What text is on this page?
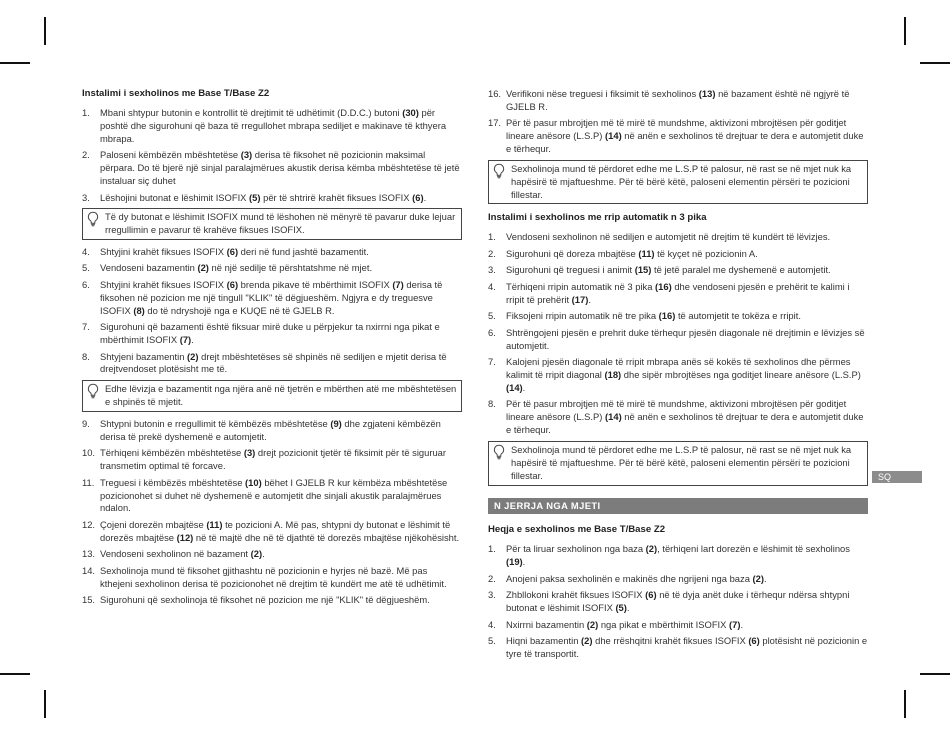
Instalimi i sexholinos me Base T/Base Z2
1. Mbani shtypur butonin e kontrollit të drejtimit të udhëtimit (D.D.C.) butoni (30) për poshtë dhe sigurohuni që baza të rregullohet mbrapa sediljet e makinave të kthyera mbrapa.
2. Paloseni këmbëzën mbështetëse (3) derisa të fiksohet në pozicionin maksimal përpara. Do të bjerë një sinjal paralajmërues akustik derisa këmba mbështetëse të jetë instaluar siç duhet
3. Lëshojini butonat e lëshimit ISOFIX (5) për të shtrirë krahët fiksues ISOFIX (6).
Të dy butonat e lëshimit ISOFIX mund të lëshohen në mënyrë të pavarur duke lejuar rregullimin e pavarur të krahëve fiksues ISOFIX.
4. Shtyjini krahët fiksues ISOFIX (6) deri në fund jashtë bazamentit.
5. Vendoseni bazamentin (2) në një sedilje të përshtatshme në mjet.
6. Shtyjini krahët fiksues ISOFIX (6) brenda pikave të mbërthimit ISOFIX (7) derisa të fiksohen në pozicion me një tingull "KLIK" të dëgjueshëm. Ngjyra e dy treguesve ISOFIX (8) do të ndryshojë nga e KUQE në të GJELB R.
7. Sigurohuni që bazamenti është fiksuar mirë duke u përpjekur ta nxirrni nga pikat e mbërthimit ISOFIX (7).
8. Shtyjeni bazamentin (2) drejt mbështetëses së shpinës në sediljen e mjetit derisa të drejtvendoset plotësisht me të.
Edhe lëvizja e bazamentit nga njëra anë në tjetrën e mbërthen atë me mbështetësen e shpinës të mjetit.
9. Shtypni butonin e rregullimit të këmbëzës mbështetëse (9) dhe zgjateni këmbëzën derisa të prekë dyshemenë e automjetit.
10. Tërhiqeni këmbëzën mbështetëse (3) drejt pozicionit tjetër të fiksimit për të siguruar transmetim optimal të forcave.
11. Treguesi i këmbëzës mbështetëse (10) bëhet I GJELB R kur këmbëza mbështetëse pozicionohet si duhet në dyshemenë e automjetit dhe sinjali akustik paralajmërues ndalon.
12. Çojeni dorezën mbajtëse (11) te pozicioni A. Më pas, shtypni dy butonat e lëshimit të dorezës mbajtëse (12) në të majtë dhe në të djathtë të dorezës mbajtëse njëkohësisht.
13. Vendoseni sexholinon në bazament (2).
14. Sexholinoja mund të fiksohet gjithashtu në pozicionin e hyrjes në bazë. Më pas kthejeni sexholinon derisa të pozicionohet në drejtim të kundërt me atë të udhëtimit.
15. Sigurohuni që sexholinoja të fiksohet në pozicion me një "KLIK" të dëgjueshëm.
16. Verifikoni nëse treguesi i fiksimit të sexholinos (13) në bazament është në ngjyrë të GJELB R.
17. Për të pasur mbrojtjen më të mirë të mundshme, aktivizoni mbrojtësen për goditjet lineare anësore (L.S.P) (14) në anën e sexholinos të drejtuar te dera e automjetit duke e tërhequr.
Sexholinoja mund të përdoret edhe me L.S.P të palosur, në rast se në mjet nuk ka hapësirë të mjaftueshme. Për të bërë këtë, paloseni elementin përsëri te pozicioni fillestar.
Instalimi i sexholinos me rrip automatik n 3 pika
1. Vendoseni sexholinon në sediljen e automjetit në drejtim të kundërt të lëvizjes.
2. Sigurohuni që doreza mbajtëse (11) të kyçet në pozicionin A.
3. Sigurohuni që treguesi i animit (15) të jetë paralel me dyshemenë e automjetit.
4. Tërhiqeni rripin automatik në 3 pika (16) dhe vendoseni pjesën e prehërit te kalimi i rripit të prehërit (17).
5. Fiksojeni rripin automatik në tre pika (16) të automjetit te tokëza e rripit.
6. Shtrëngojeni pjesën e prehrit duke tërhequr pjesën diagonale në drejtimin e lëvizjes së automjetit.
7. Kalojeni pjesën diagonale të rripit mbrapa anës së kokës të sexholinos dhe përmes kalimit të rripit diagonal (18) dhe sipër mbrojtëses nga goditjet lineare anësore (L.S.P) (14).
8. Për të pasur mbrojtjen më të mirë të mundshme, aktivizoni mbrojtësen për goditjet lineare anësore (L.S.P) (14) në anën e sexholinos të drejtuar te dera e automjetit duke e tërhequr.
Sexholinoja mund të përdoret edhe me L.S.P të palosur, në rast se në mjet nuk ka hapësirë të mjaftueshme. Për të bërë këtë, paloseni elementin përsëri te pozicioni fillestar.
N JERRJA NGA MJETI
Heqja e sexholinos me Base T/Base Z2
1. Për ta liruar sexholinon nga baza (2), tërhiqeni lart dorezën e lëshimit të sexholinos (19).
2. Anojeni paksa sexholinën e makinës dhe ngrijeni nga baza (2).
3. Zhbllokoni krahët fiksues ISOFIX (6) në të dyja anët duke i tërhequr ndërsa shtypni butonat e lëshimit ISOFIX (5).
4. Nxirrni bazamentin (2) nga pikat e mbërthimit ISOFIX (7).
5. Hiqni bazamentin (2) dhe rrëshqitni krahët fiksues ISOFIX (6) plotësisht në pozicionin e tyre të transportit.
SQ
